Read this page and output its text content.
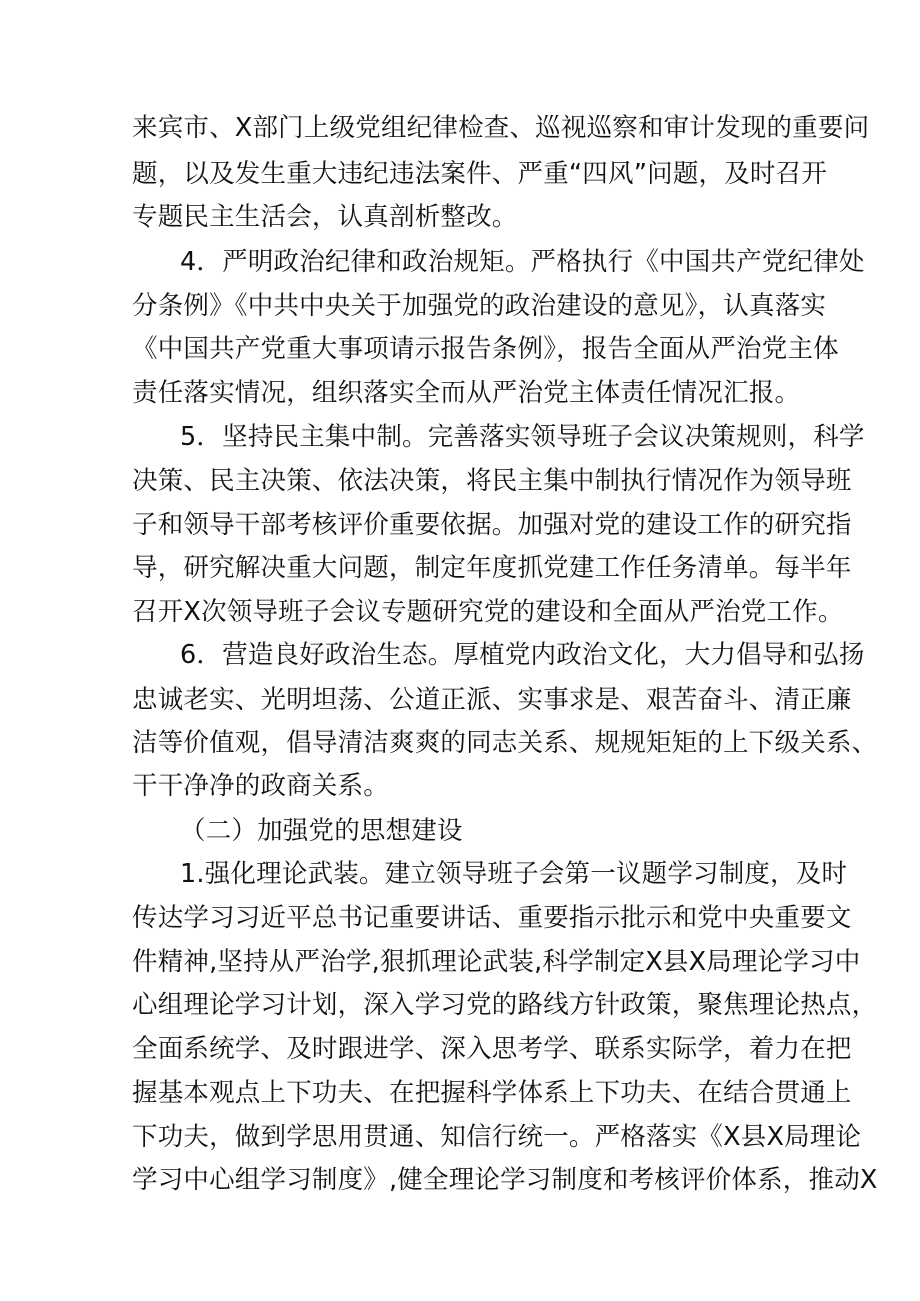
来宾市、X部门上级党组纪律检查、巡视巡察和审计发现的重要问
题，以及发生重大违纪违法案件、严重“四风”问题，及时召开
专题民主生活会，认真剖析整改。
4．严明政治纪律和政治规矩。严格执行《中国共产党纪律处
分条例》《中共中央关于加强党的政治建设的意见》，认真落实
《中国共产党重大事项请示报告条例》，报告全面从严治党主体
责任落实情况，组织落实全而从严治党主体责任情况汇报。
5．坚持民主集中制。完善落实领导班子会议决策规则，科学
决策、民主决策、依法决策，将民主集中制执行情况作为领导班
子和领导干部考核评价重要依据。加强对党的建设工作的研究指
导，研究解决重大问题，制定年度抓党建工作任务清单。每半年
召开X次领导班子会议专题研究党的建设和全面从严治党工作。
6．营造良好政治生态。厚植党内政治文化，大力倡导和弘扬
忠诚老实、光明坦荡、公道正派、实事求是、艰苦奋斗、清正廉
洁等价值观，倡导清洁爽爽的同志关系、规规矩矩的上下级关系、
干干净净的政商关系。
（二）加强党的思想建设
1.强化理论武装。建立领导班子会第一议题学习制度，及时
传达学习习近平总书记重要讲话、重要指示批示和党中央重要文
件精神,坚持从严治学,狠抓理论武装,科学制定X县X局理论学习中
心组理论学习计划，深入学习党的路线方针政策，聚焦理论热点，
全面系统学、及时跟进学、深入思考学、联系实际学，着力在把
握基本观点上下功夫、在把握科学体系上下功夫、在结合贯通上
下功夫，做到学思用贯通、知信行统一。严格落实《X县X局理论
学习中心组学习制度》,健全理论学习制度和考核评价体系，推动X
